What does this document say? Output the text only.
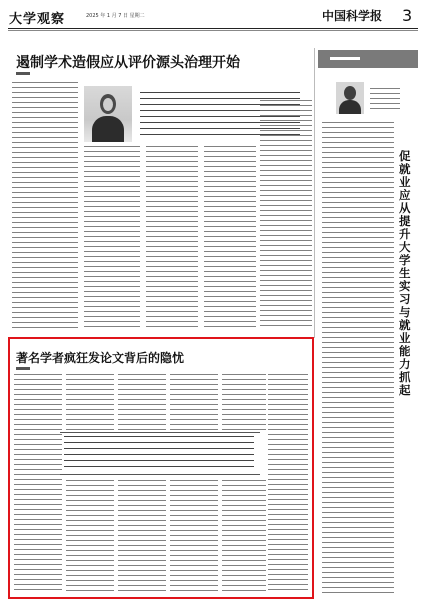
大学观察	2025 年 1 月 7 日 星期二	中国科学报 3
遏制学术造假应从评价源头治理开始
促就业应从提升大学生实习与就业能力抓起
著名学者疯狂发论文背后的隐忧
